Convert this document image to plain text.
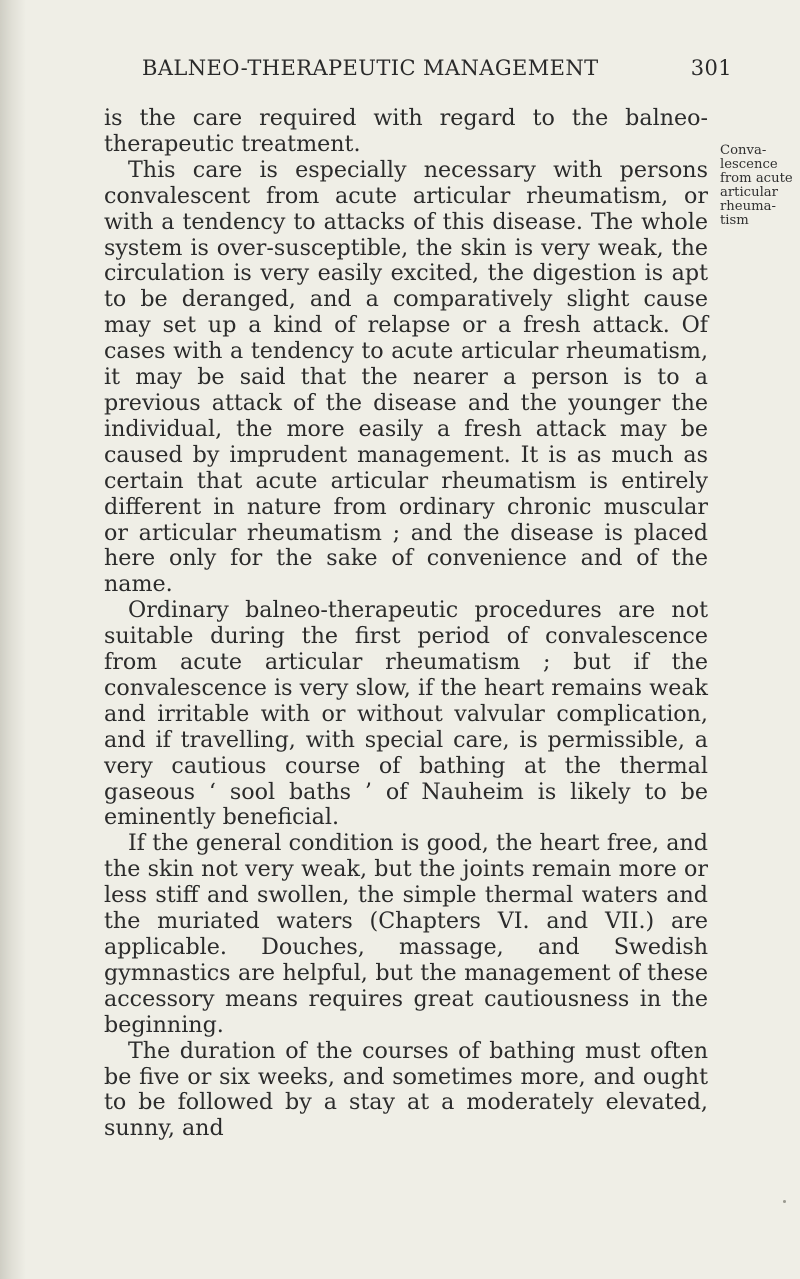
BALNEO-THERAPEUTIC MANAGEMENT	301

is the care required with regard to the balneo-therapeutic treatment.

This care is especially necessary with persons convalescent from acute articular rheumatism, or with a tendency to attacks of this disease. The whole system is over-susceptible, the skin is very weak, the circulation is very easily excited, the digestion is apt to be deranged, and a comparatively slight cause may set up a kind of relapse or a fresh attack. Of cases with a tendency to acute articular rheumatism, it may be said that the nearer a person is to a previous attack of the disease and the younger the individual, the more easily a fresh attack may be caused by imprudent management. It is as much as certain that acute articular rheumatism is entirely different in nature from ordinary chronic muscular or articular rheumatism ; and the disease is placed here only for the sake of convenience and of the name.

Ordinary balneo-therapeutic procedures are not suitable during the first period of convalescence from acute articular rheumatism ; but if the convalescence is very slow, if the heart remains weak and irritable with or without valvular complication, and if travelling, with special care, is permissible, a very cautious course of bathing at the thermal gaseous ‘ sool baths ’ of Nauheim is likely to be eminently beneficial.

If the general condition is good, the heart free, and the skin not very weak, but the joints remain more or less stiff and swollen, the simple thermal waters and the muriated waters (Chapters VI. and VII.) are applicable. Douches, massage, and Swedish gymnastics are helpful, but the management of these accessory means requires great cautiousness in the beginning.

The duration of the courses of bathing must often be five or six weeks, and sometimes more, and ought to be followed by a stay at a moderately elevated, sunny, and

Conva-
lescence
from acute
articular
rheuma-
tism
